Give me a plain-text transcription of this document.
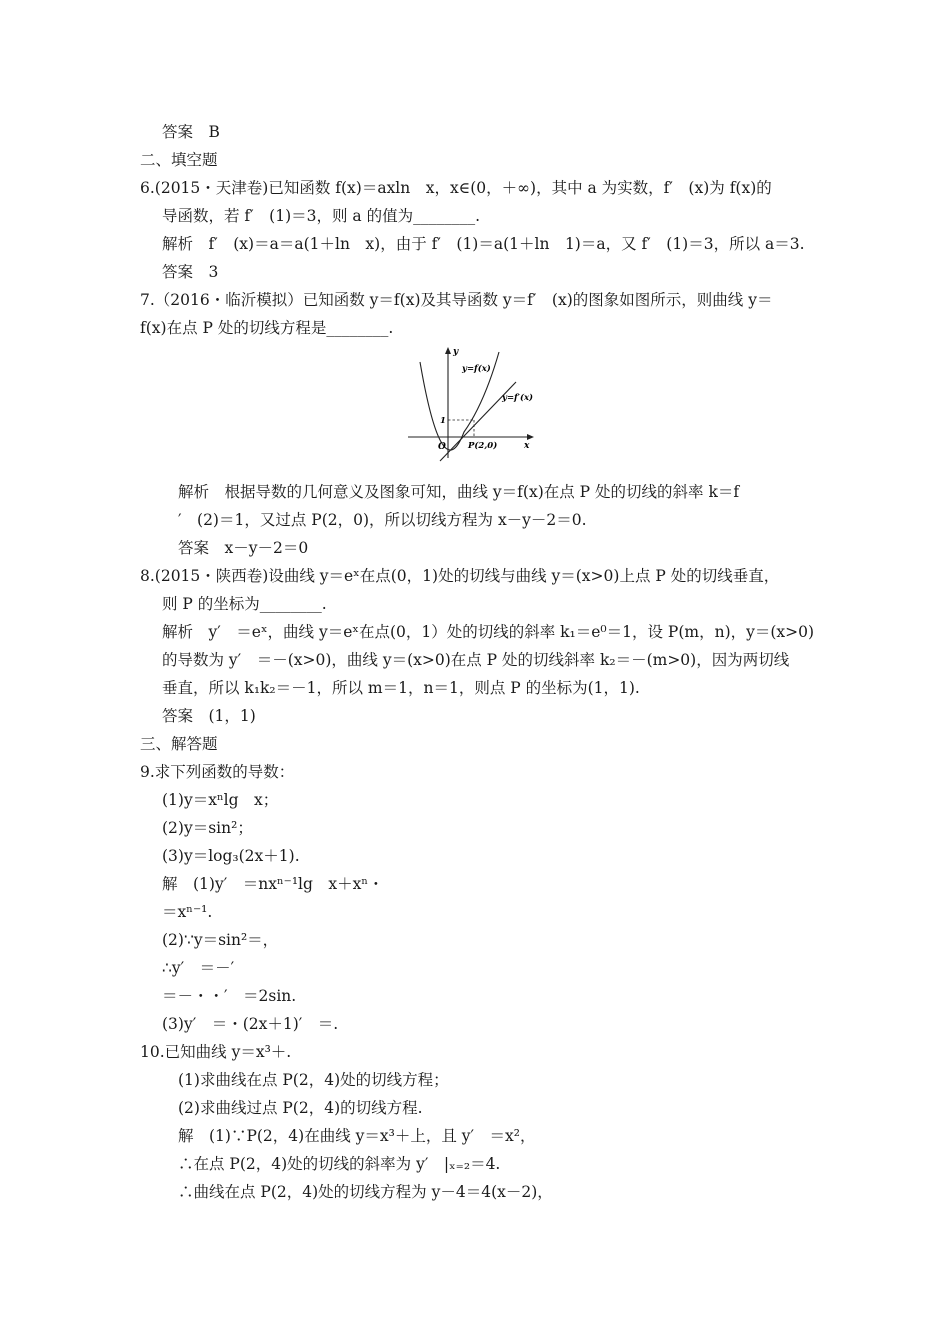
答案　B
二、填空题
6.(2015・天津卷)已知函数 f(x)＝axln　x，x∈(0，＋∞)，其中 a 为实数，f′　(x)为 f(x)的
导函数，若 f′　(1)＝3，则 a 的值为________.
解析　f′　(x)＝a＝a(1＋ln　x)，由于 f′　(1)＝a(1＋ln　1)＝a，又 f′　(1)＝3，所以 a＝3.
答案　3
7.（2016・临沂模拟）已知函数 y＝f(x)及其导函数 y＝f′　(x)的图象如图所示，则曲线 y＝
f(x)在点 P 处的切线方程是________.
y
x
y=f(x)
y=f′(x)
1
O	P(2,0)
解析　根据导数的几何意义及图象可知，曲线 y＝f(x)在点 P 处的切线的斜率 k＝f
′　(2)＝1，又过点 P(2，0)，所以切线方程为 x－y－2＝0.
答案　x－y－2＝0
8.(2015・陕西卷)设曲线 y＝eˣ在点(0，1)处的切线与曲线 y＝(x>0)上点 P 处的切线垂直，
则 P 的坐标为________.
解析　y′　＝eˣ，曲线 y＝eˣ在点(0，1）处的切线的斜率 k₁＝e⁰＝1，设 P(m，n)，y＝(x>0)
的导数为 y′　＝－(x>0)，曲线 y＝(x>0)在点 P 处的切线斜率 k₂＝－(m>0)，因为两切线
垂直，所以 k₁k₂＝－1，所以 m＝1，n＝1，则点 P 的坐标为(1，1).
答案　(1，1)
三、解答题
9.求下列函数的导数：
(1)y＝xⁿlg　x；
(2)y＝sin²；
(3)y＝log₃(2x＋1).
解　(1)y′　＝nxⁿ⁻¹lg　x＋xⁿ・
＝xⁿ⁻¹.
(2)∵y＝sin²＝，
∴y′　＝－′
＝－・・′　＝2sin.
(3)y′　＝・(2x＋1)′　＝.
10.已知曲线 y＝x³＋.
(1)求曲线在点 P(2，4)处的切线方程；
(2)求曲线过点 P(2，4)的切线方程.
解　(1)∵P(2，4)在曲线 y＝x³＋上，且 y′　＝x²，
∴在点 P(2，4)处的切线的斜率为 y′　|ₓ₌₂＝4.
∴曲线在点 P(2，4)处的切线方程为 y－4＝4(x－2)，
